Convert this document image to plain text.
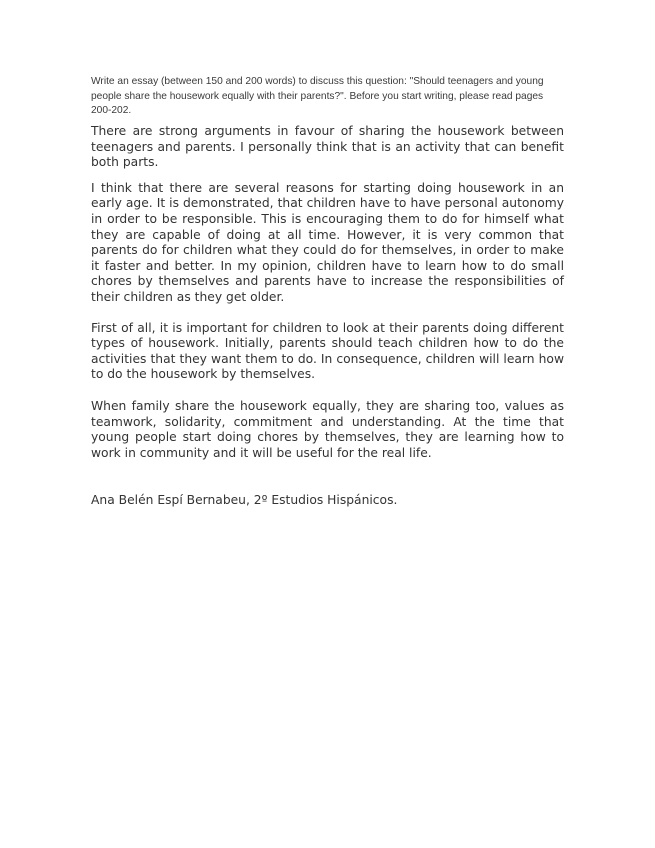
Write an essay (between 150 and 200 words) to discuss this question: "Should teenagers and young people share the housework equally with their parents?". Before you start writing, please read pages 200-202.

There are strong arguments in favour of sharing the housework between teenagers and parents. I personally think that is an activity that can benefit both parts.

I think that there are several reasons for starting doing housework in an early age. It is demonstrated, that children have to have personal autonomy in order to be responsible. This is encouraging them to do for himself what they are capable of doing at all time. However, it is very common that parents do for children what they could do for themselves, in order to make it faster and better. In my opinion, children have to learn how to do small chores by themselves and parents have to increase the responsibilities of their children as they get older.

First of all, it is important for children to look at their parents doing different types of housework. Initially, parents should teach children how to do the activities that they want them to do. In consequence, children will learn how to do the housework by themselves.

When family share the housework equally, they are sharing too, values as teamwork, solidarity, commitment and understanding. At the time that young people start doing chores by themselves, they are learning how to work in community and it will be useful for the real life.

Ana Belén Espí Bernabeu, 2º Estudios Hispánicos.
